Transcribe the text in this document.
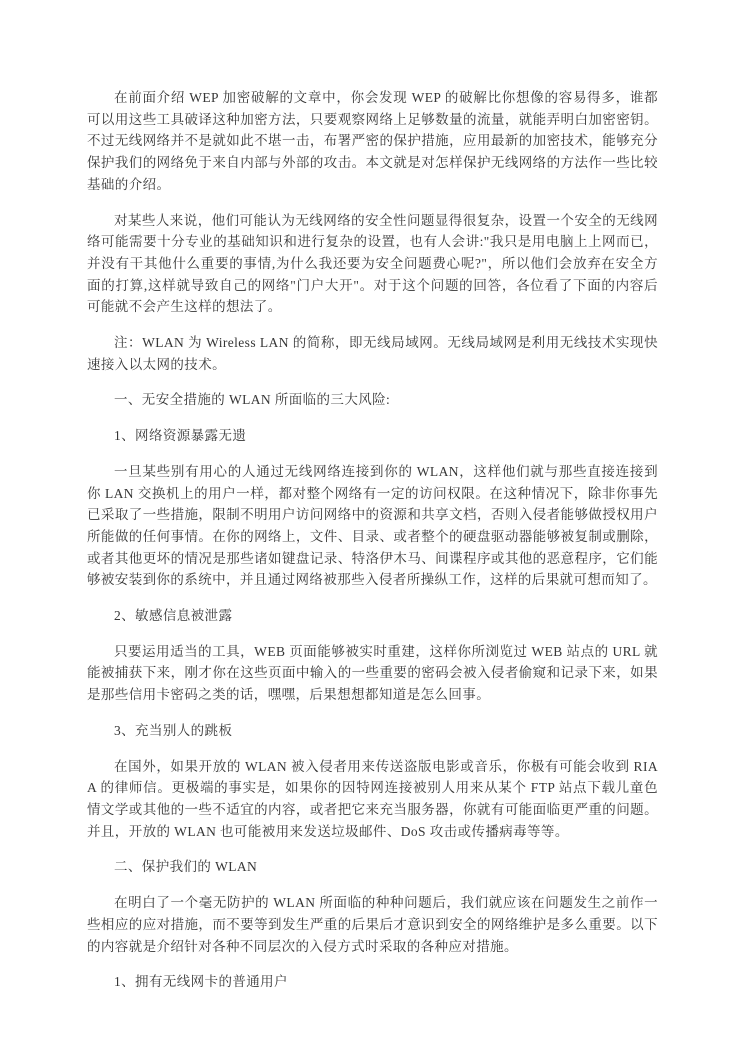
在前面介绍 WEP 加密破解的文章中，你会发现 WEP 的破解比你想像的容易得多，谁都可以用这些工具破译这种加密方法，只要观察网络上足够数量的流量，就能弄明白加密密钥。不过无线网络并不是就如此不堪一击，布署严密的保护措施，应用最新的加密技术，能够充分保护我们的网络免于来自内部与外部的攻击。本文就是对怎样保护无线网络的方法作一些比较基础的介绍。

对某些人来说，他们可能认为无线网络的安全性问题显得很复杂，设置一个安全的无线网络可能需要十分专业的基础知识和进行复杂的设置，也有人会讲:"我只是用电脑上上网而已，并没有干其他什么重要的事情,为什么我还要为安全问题费心呢?"，所以他们会放弃在安全方面的打算,这样就导致自己的网络"门户大开"。对于这个问题的回答，各位看了下面的内容后可能就不会产生这样的想法了。

注：WLAN 为 Wireless LAN 的简称，即无线局域网。无线局域网是利用无线技术实现快速接入以太网的技术。

一、无安全措施的 WLAN 所面临的三大风险:

1、网络资源暴露无遗

一旦某些别有用心的人通过无线网络连接到你的 WLAN，这样他们就与那些直接连接到你 LAN 交换机上的用户一样，都对整个网络有一定的访问权限。在这种情况下，除非你事先已采取了一些措施，限制不明用户访问网络中的资源和共享文档，否则入侵者能够做授权用户所能做的任何事情。在你的网络上，文件、目录、或者整个的硬盘驱动器能够被复制或删除，或者其他更坏的情况是那些诸如键盘记录、特洛伊木马、间谍程序或其他的恶意程序，它们能够被安装到你的系统中，并且通过网络被那些入侵者所操纵工作，这样的后果就可想而知了。

2、敏感信息被泄露

只要运用适当的工具，WEB 页面能够被实时重建，这样你所浏览过 WEB 站点的 URL 就能被捕获下来，刚才你在这些页面中输入的一些重要的密码会被入侵者偷窥和记录下来，如果是那些信用卡密码之类的话，嘿嘿，后果想想都知道是怎么回事。

3、充当别人的跳板

在国外，如果开放的 WLAN 被入侵者用来传送盗版电影或音乐，你极有可能会收到 RIAA 的律师信。更极端的事实是，如果你的因特网连接被别人用来从某个 FTP 站点下载儿童色情文学或其他的一些不适宜的内容，或者把它来充当服务器，你就有可能面临更严重的问题。并且，开放的 WLAN 也可能被用来发送垃圾邮件、DoS 攻击或传播病毒等等。

二、保护我们的 WLAN

在明白了一个毫无防护的 WLAN 所面临的种种问题后，我们就应该在问题发生之前作一些相应的应对措施，而不要等到发生严重的后果后才意识到安全的网络维护是多么重要。以下的内容就是介绍针对各种不同层次的入侵方式时采取的各种应对措施。

1、拥有无线网卡的普通用户
